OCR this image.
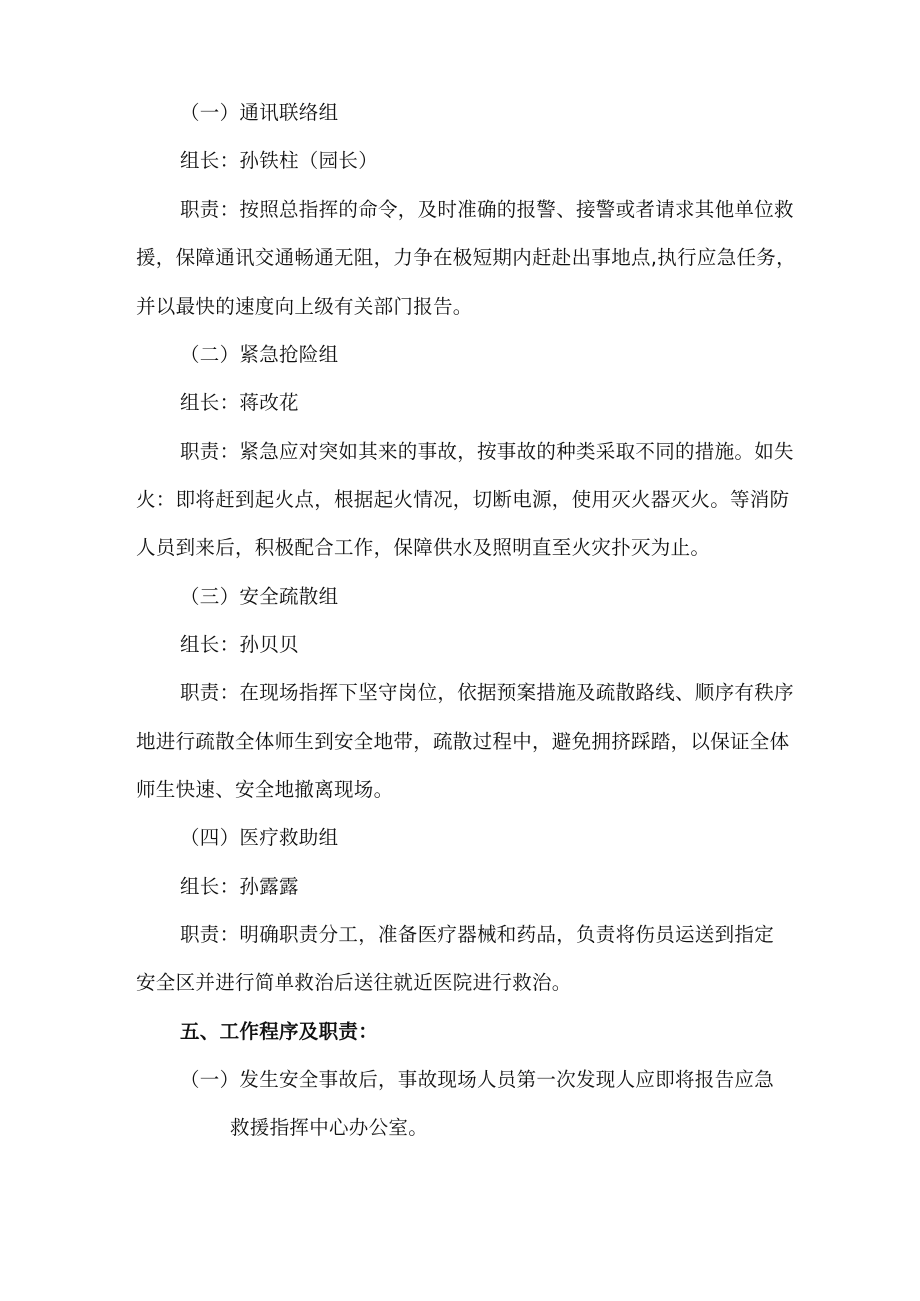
（一）通讯联络组
组长：孙铁柱（园长）
职责：按照总指挥的命令，及时准确的报警、接警或者请求其他单位救
援，保障通讯交通畅通无阻，力争在极短期内赶赴出事地点,执行应急任务，
并以最快的速度向上级有关部门报告。
（二）紧急抢险组
组长：蒋改花
职责：紧急应对突如其来的事故，按事故的种类采取不同的措施。如失
火：即将赶到起火点，根据起火情况，切断电源，使用灭火器灭火。等消防
人员到来后，积极配合工作，保障供水及照明直至火灾扑灭为止。
（三）安全疏散组
组长：孙贝贝
职责：在现场指挥下坚守岗位，依据预案措施及疏散路线、顺序有秩序
地进行疏散全体师生到安全地带，疏散过程中，避免拥挤踩踏，以保证全体
师生快速、安全地撤离现场。
（四）医疗救助组
组长：孙露露
职责：明确职责分工，准备医疗器械和药品，负责将伤员运送到指定
安全区并进行简单救治后送往就近医院进行救治。
五、工作程序及职责：
（一）发生安全事故后，事故现场人员第一次发现人应即将报告应急
救援指挥中心办公室。
